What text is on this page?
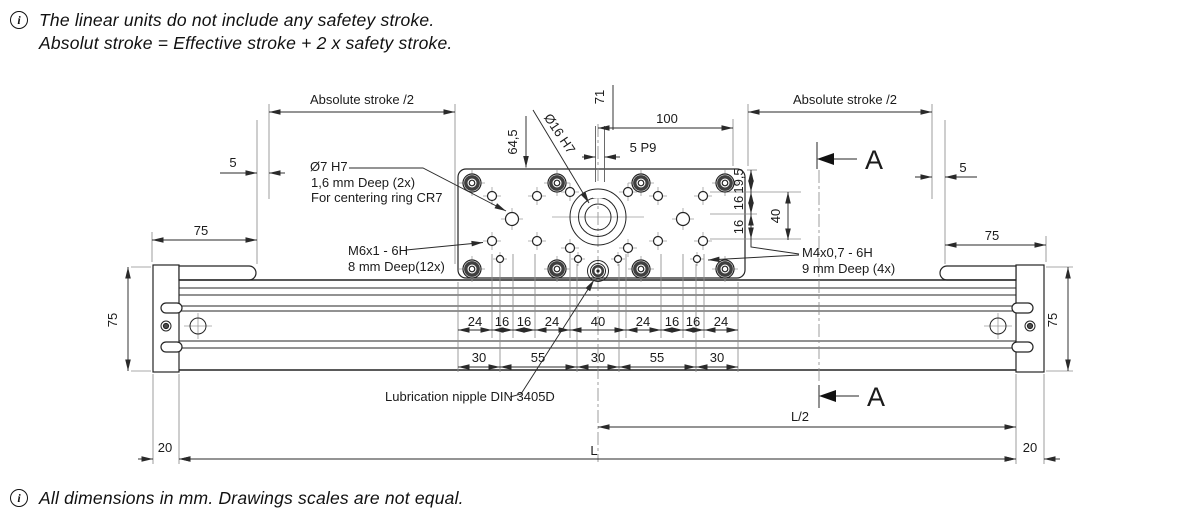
i	The linear units do not include any safetey stroke.
Absolut stroke = Effective stroke + 2 x safety stroke.
Absolute stroke /2	Absolute stroke /2
71
100
5 P9
64,5 Ø16 H7
Ø7 H7
1,6 mm Deep (2x)
For centering ring CR7
5	5
75	75
M6x1 - 6H
8 mm Deep(12x)
M4x0,7 - 6H
9 mm Deep (4x)
19,5
16
16
40
A
A
75	75
24 16 16 24 40 24 16 16 24
30	55	30	55	30
Lubrication nipple DIN 3405D
L/2
L
20	20
i	All dimensions in mm. Drawings scales are not equal.
